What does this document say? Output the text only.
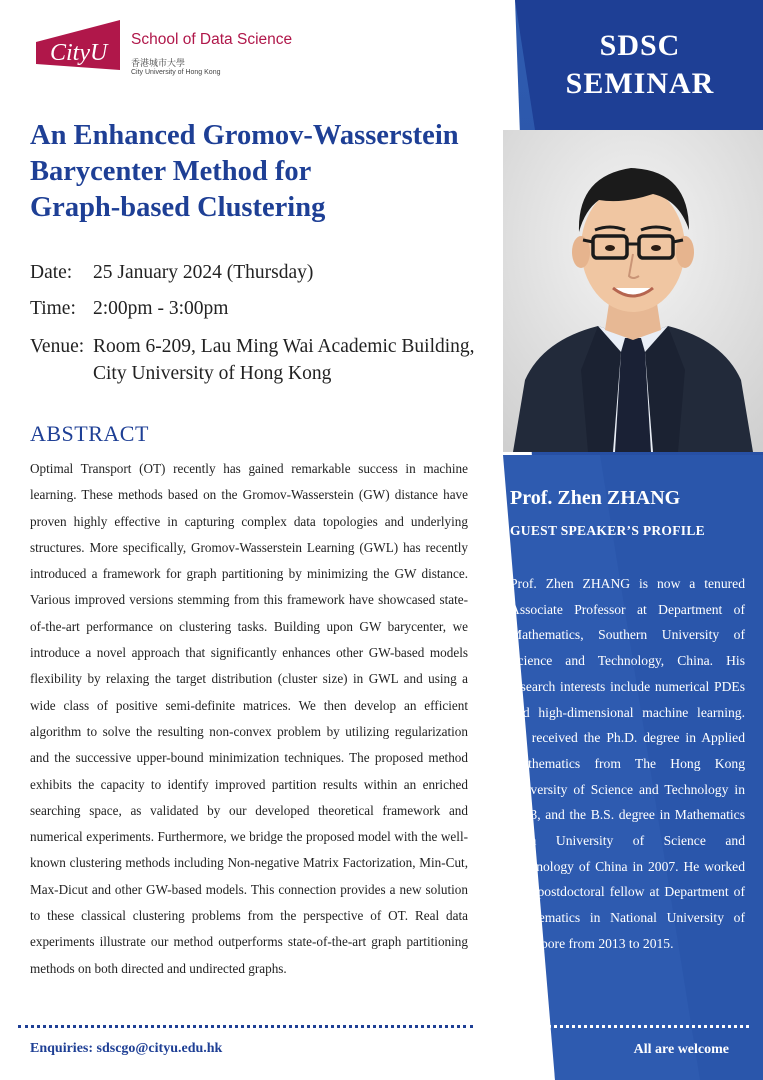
CityU
School of Data Science
香港城市大學
City University of Hong Kong
SDSC
SEMINAR
An Enhanced Gromov-Wasserstein
Barycenter Method for
Graph-based Clustering
Date: 25 January 2024 (Thursday)
Time: 2:00pm - 3:00pm
Venue: Room 6-209, Lau Ming Wai Academic Building,
City University of Hong Kong
ABSTRACT

Optimal Transport (OT) recently has gained remarkable success in machine learning. These methods based on the Gromov-Wasserstein (GW) distance have proven highly effective in capturing complex data topologies and underlying structures. More specifically, Gromov-Wasserstein Learning (GWL) has recently introduced a framework for graph partitioning by minimizing the GW distance. Various improved versions stemming from this framework have showcased state-of-the-art performance on clustering tasks. Building upon GW barycenter, we introduce a novel approach that significantly enhances other GW-based models flexibility by relaxing the target distribution (cluster size) in GWL and using a wide class of positive semi-definite matrices. We then develop an efficient algorithm to solve the resulting non-convex problem by utilizing regularization and the successive upper-bound minimization techniques. The proposed method exhibits the capacity to identify improved partition results within an enriched searching space, as validated by our developed theoretical framework and numerical experiments. Furthermore, we bridge the proposed model with the well-known clustering methods including Non-negative Matrix Factorization, Min-Cut, Max-Dicut and other GW-based models. This connection provides a new solution to these classical clustering problems from the perspective of OT. Real data experiments illustrate our method outperforms state-of-the-art graph partitioning methods on both directed and undirected graphs.

Prof. Zhen ZHANG
GUEST SPEAKER’S PROFILE

Prof. Zhen ZHANG is now a tenured Associate Professor at Department of Mathematics, Southern University of Science and Technology, China. His research interests include numerical PDEs and high-dimensional machine learning. He received the Ph.D. degree in Applied Mathematics from The Hong Kong University of Science and Technology in 2013, and the B.S. degree in Mathematics from University of Science and Technology of China in 2007. He worked as a postdoctoral fellow at Department of Mathematics in National University of Singapore from 2013 to 2015.

Enquiries: sdscgo@cityu.edu.hk	All are welcome
